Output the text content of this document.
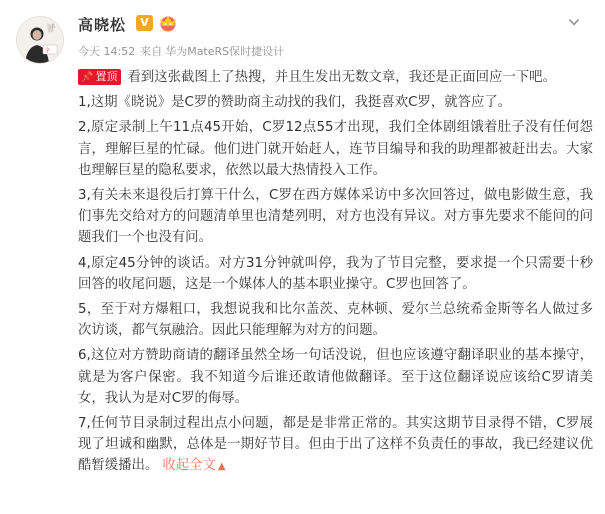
书
字
高晓松	V
今天 14:52 来自 华为MateRS保时捷设计

📌 置顶 看到这张截图上了热搜，并且生发出无数文章，我还是正面回应一下吧。

1,这期《晓说》是C罗的赞助商主动找的我们，我挺喜欢C罗，就答应了。

2,原定录制上午11点45开始，C罗12点55才出现，我们全体剧组饿着肚子没有任何怨言，理解巨星的忙碌。他们进门就开始赶人，连节目编导和我的助理都被赶出去。大家也理解巨星的隐私要求，依然以最大热情投入工作。

3,有关未来退役后打算干什么，C罗在西方媒体采访中多次回答过，做电影做生意，我们事先交给对方的问题清单里也清楚列明，对方也没有异议。对方事先要求不能问的问题我们一个也没有问。

4,原定45分钟的谈话。对方31分钟就叫停，我为了节目完整，要求提一个只需要十秒回答的收尾问题，这是一个媒体人的基本职业操守。C罗也回答了。

5，至于对方爆粗口，我想说我和比尔盖茨、克林顿、爱尔兰总统希金斯等名人做过多次访谈，都气氛融洽。因此只能理解为对方的问题。

6,这位对方赞助商请的翻译虽然全场一句话没说，但也应该遵守翻译职业的基本操守，就是为客户保密。我不知道今后谁还敢请他做翻译。至于这位翻译说应该给C罗请美女，我认为是对C罗的侮辱。

7,任何节目录制过程出点小问题，都是是非常正常的。其实这期节目录得不错，C罗展现了坦诚和幽默，总体是一期好节目。但由于出了这样不负责任的事故，我已经建议优酷暂缓播出。 收起全文 ▲
